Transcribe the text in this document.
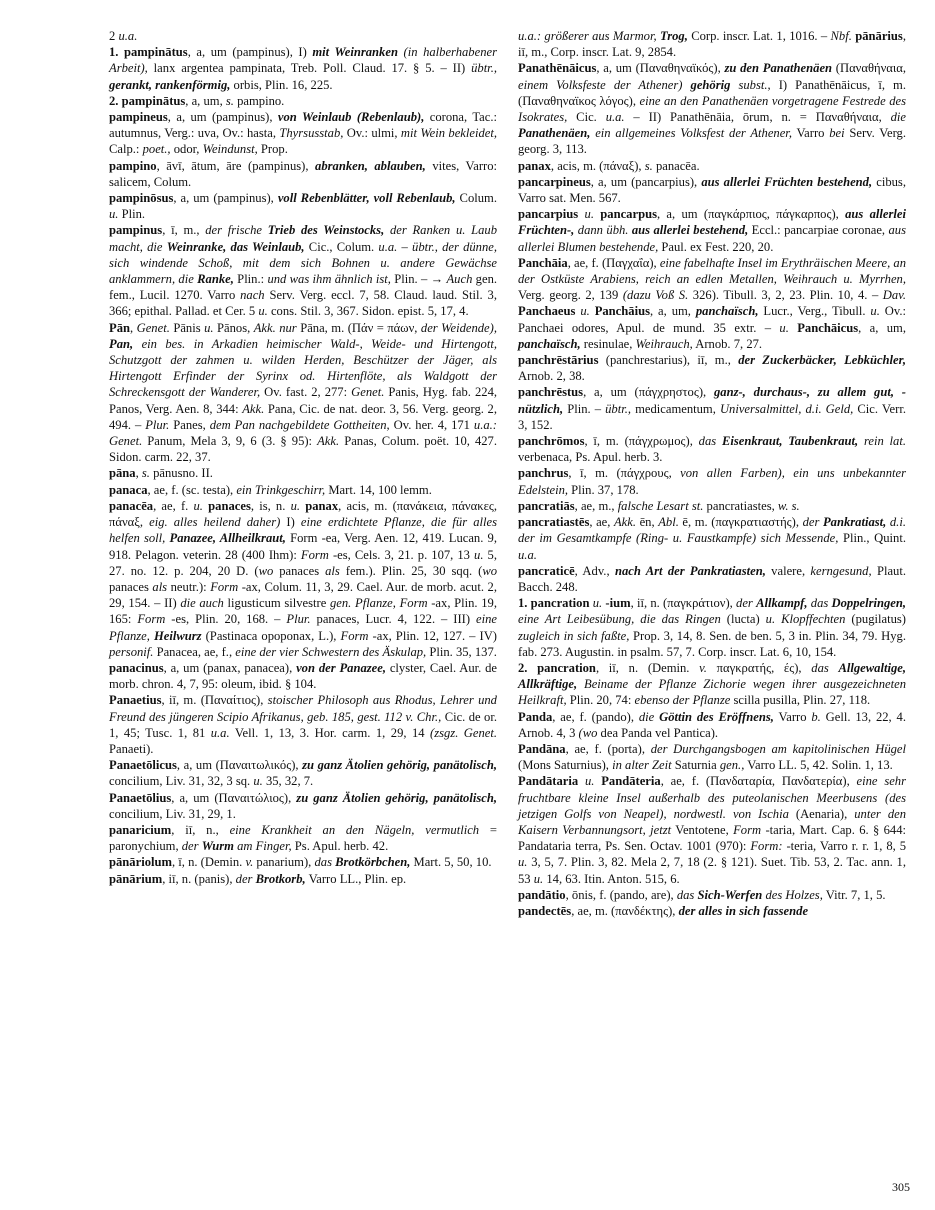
2 u.a.
1. pampinātus, a, um (pampinus), I) mit Weinranken (in halberhabener Arbeit), lanx argentea pampinata, Treb. Poll. Claud. 17. § 5. – II) übtr., gerankt, rankenförmig, orbis, Plin. 16, 225.
2. pampinātus, a, um, s. pampino.
pampineus, a, um (pampinus), von Weinlaub (Rebenlaub), corona, Tac.: autumnus, Verg.: uva, Ov.: hasta, Thyrsusstab, Ov.: ulmi, mit Wein bekleidet, Calp.: poet., odor, Weindunst, Prop.
pampino, āvī, ātum, āre (pampinus), abranken, ablauben, vites, Varro: salicem, Colum.
pampinōsus, a, um (pampinus), voll Rebenblätter, voll Rebenlaub, Colum. u. Plin.
pampinus, ī, m., der frische Trieb des Weinstocks, der Ranken u. Laub macht, die Weinranke, das Weinlaub, Cic., Colum. u.a. – übtr., der dünne, sich windende Schoß, mit dem sich Bohnen u. andere Gewächse anklammern, die Ranke, Plin.: und was ihm ähnlich ist, Plin. – → Auch gen. fem., Lucil. 1270. Varro nach Serv. Verg. eccl. 7, 58. Claud. laud. Stil. 3, 366; epithal. Pallad. et Cer. 5 u. cons. Stil. 3, 367. Sidon. epist. 5, 17, 4.
Pān, Genet. Pānis u. Pānos, Akk. nur Pāna, m. (Πάν = πάων, der Weidende), Pan, ein bes. in Arkadien heimischer Wald-, Weide- und Hirtengott, Schutzgott der zahmen u. wilden Herden, Beschützer der Jäger, als Hirtengott Erfinder der Syrinx od. Hirtenflöte, als Waldgott der Schreckensgott der Wanderer, Ov. fast. 2, 277: Genet. Panis, Hyg. fab. 224, Panos, Verg. Aen. 8, 344: Akk. Pana, Cic. de nat. deor. 3, 56. Verg. georg. 2, 494. – Plur. Panes, dem Pan nachgebildete Gottheiten, Ov. her. 4, 171 u.a.: Genet. Panum, Mela 3, 9, 6 (3. § 95): Akk. Panas, Colum. poët. 10, 427. Sidon. carm. 22, 37.
pāna, s. pānusno. II.
panaca, ae, f. (sc. testa), ein Trinkgeschirr, Mart. 14, 100 lemm.
panacēa, ae, f. u. panaces, is, n. u. panax, acis, m. (πανάκεια, πάνακες, πάναξ, eig. alles heilend daher) I) eine erdichtete Pflanze, die für alles helfen soll, Panazee, Allheilkraut, Form -ea, Verg. Aen. 12, 419. Lucan. 9, 918. Pelagon. veterin. 28 (400 Ihm): Form -es, Cels. 3, 21. p. 107, 13 u. 5, 27. no. 12. p. 204, 20 D. (wo panaces als fem.). Plin. 25, 30 sqq. (wo panaces als neutr.): Form -ax, Colum. 11, 3, 29. Cael. Aur. de morb. acut. 2, 29, 154. – II) die auch ligusticum silvestre gen. Pflanze, Form -ax, Plin. 19, 165: Form -es, Plin. 20, 168. – Plur. panaces, Lucr. 4, 122. – III) eine Pflanze, Heilwurz (Pastinaca opoponax, L.), Form -ax, Plin. 12, 127. – IV) personif. Panacea, ae, f., eine der vier Schwestern des Äskulap, Plin. 35, 137.
panacinus, a, um (panax, panacea), von der Panazee, clyster, Cael. Aur. de morb. chron. 4, 7, 95: oleum, ibid. § 104.
Panaetius, iī, m. (Παναίτιος), stoischer Philosoph aus Rhodus, Lehrer und Freund des jüngeren Scipio Afrikanus, geb. 185, gest. 112 v. Chr., Cic. de or. 1, 45; Tusc. 1, 81 u.a. Vell. 1, 13, 3. Hor. carm. 1, 29, 14 (zsgz. Genet. Panaeti).
Panaetōlicus, a, um (Παναιτωλικός), zu ganz Ätolien gehörig, panätolisch, concilium, Liv. 31, 32, 3 sq. u. 35, 32, 7.
Panaetōlius, a, um (Παναιτώλιος), zu ganz Ätolien gehörig, panätolisch, concilium, Liv. 31, 29, 1.
panaricium, iī, n., eine Krankheit an den Nägeln, vermutlich = paronychium, der Wurm am Finger, Ps. Apul. herb. 42.
pānāriolum, ī, n. (Demin. v. panarium), das Brotkörbchen, Mart. 5, 50, 10.
pānārium, iī, n. (panis), der Brotkorb, Varro LL., Plin. ep.
u.a.: größerer aus Marmor, Trog, Corp. inscr. Lat. 1, 1016. – Nbf. pānārius, iī, m., Corp. inscr. Lat. 9, 2854.
Panathēnāicus, a, um (Παναθηναϊκός), zu den Panathenäen (Παναθήναια, einem Volksfeste der Athener) gehörig subst., I) Panathēnāicus, ī, m. (Παναθηναϊκος λόγος), eine an den Panathenäen vorgetragene Festrede des Isokrates, Cic. u.a. – II) Panathēnāia, ōrum, n. = Παναθήναια, die Panathenäen, ein allgemeines Volksfest der Athener, Varro bei Serv. Verg. georg. 3, 113.
panax, acis, m. (πάναξ), s. panacēa.
pancarpineus, a, um (pancarpius), aus allerlei Früchten bestehend, cibus, Varro sat. Men. 567.
pancarpius u. pancarpus, a, um (παγκάρπιος, πάγκαρπος), aus allerlei Früchten-, dann übh. aus allerlei bestehend, Eccl.: pancarpiae coronae, aus allerlei Blumen bestehende, Paul. ex Fest. 220, 20.
Panchāia, ae, f. (Παγχαΐα), eine fabelhafte Insel im Erythräischen Meere, an der Ostküste Arabiens, reich an edlen Metallen, Weihrauch u. Myrrhen, Verg. georg. 2, 139 (dazu Voß S. 326). Tibull. 3, 2, 23. Plin. 10, 4. – Dav. Panchaeus u. Panchāius, a, um, panchaïsch, Lucr., Verg., Tibull. u. Ov.: Panchaei odores, Apul. de mund. 35 extr. – u. Panchāicus, a, um, panchaïsch, resinulae, Weihrauch, Arnob. 7, 27.
panchrēstārius (panchrestarius), iī, m., der Zuckerbäcker, Lebküchler, Arnob. 2, 38.
panchrēstus, a, um (πάγχρηστος), ganz-, durchaus-, zu allem gut, -nützlich, Plin. – übtr., medicamentum, Universalmittel, d.i. Geld, Cic. Verr. 3, 152.
panchrōmos, ī, m. (πάγχρωμος), das Eisenkraut, Taubenkraut, rein lat. verbenaca, Ps. Apul. herb. 3.
panchrus, ī, m. (πάγχρους, von allen Farben), ein uns unbekannter Edelstein, Plin. 37, 178.
pancratiās, ae, m., falsche Lesart st. pancratiastes, w. s.
pancratiastēs, ae, Akk. ēn, Abl. ē, m. (παγκρατιαστής), der Pankratiast, d.i. der im Gesamtkampfe (Ring- u. Faustkampfe) sich Messende, Plin., Quint. u.a.
pancraticē, Adv., nach Art der Pankratiasten, valere, kerngesund, Plaut. Bacch. 248.
1. pancration u. -ium, iī, n. (παγκράτιον), der Allkampf, das Doppelringen, eine Art Leibesübung, die das Ringen (lucta) u. Klopffechten (pugilatus) zugleich in sich faßte, Prop. 3, 14, 8. Sen. de ben. 5, 3 in. Plin. 34, 79. Hyg. fab. 273. Augustin. in psalm. 57, 7. Corp. inscr. Lat. 6, 10, 154.
2. pancration, iī, n. (Demin. v. παγκρατής, ές), das Allgewaltige, Allkräftige, Beiname der Pflanze Zichorie wegen ihrer ausgezeichneten Heilkraft, Plin. 20, 74: ebenso der Pflanze scilla pusilla, Plin. 27, 118.
Panda, ae, f. (pando), die Göttin des Eröffnens, Varro b. Gell. 13, 22, 4. Arnob. 4, 3 (wo dea Panda vel Pantica).
Pandāna, ae, f. (porta), der Durchgangsbogen am kapitolinischen Hügel (Mons Saturnius), in alter Zeit Saturnia gen., Varro LL. 5, 42. Solin. 1, 13.
Pandātaria u. Pandāteria, ae, f. (Πανδαταρία, Πανδατερία), eine sehr fruchtbare kleine Insel außerhalb des puteolanischen Meerbusens (des jetzigen Golfs von Neapel), nordwestl. von Ischia (Aenaria), unter den Kaisern Verbannungsort, jetzt Ventotene, Form -taria, Mart. Cap. 6. § 644: Pandataria terra, Ps. Sen. Octav. 1001 (970): Form: -teria, Varro r. r. 1, 8, 5 u. 3, 5, 7. Plin. 3, 82. Mela 2, 7, 18 (2. § 121). Suet. Tib. 53, 2. Tac. ann. 1, 53 u. 14, 63. Itin. Anton. 515, 6.
pandātio, ōnis, f. (pando, are), das Sich-Werfen des Holzes, Vitr. 7, 1, 5.
pandectēs, ae, m. (πανδέκτης), der alles in sich fassende
305
